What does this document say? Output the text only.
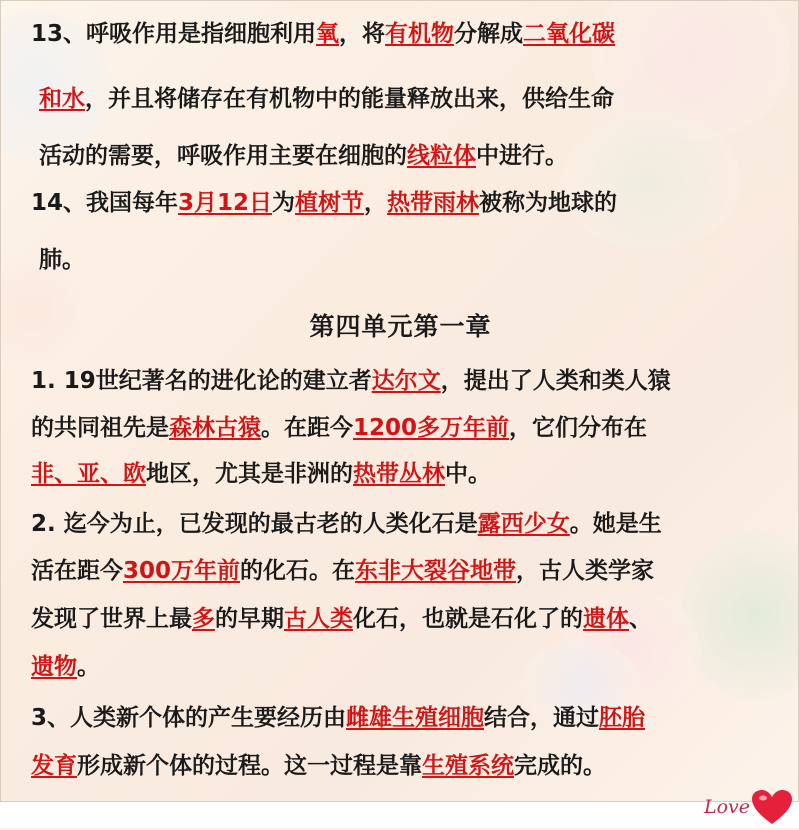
13、呼吸作用是指细胞利用氧，将有机物分解成二氧化碳
和水，并且将储存在有机物中的能量释放出来，供给生命
活动的需要，呼吸作用主要在细胞的线粒体中进行。
14、我国每年3月12日为植树节，热带雨林被称为地球的
肺。
1. 19世纪著名的进化论的建立者达尔文，提出了人类和类人猿
的共同祖先是森林古猿。在距今1200多万年前，它们分布在
非、亚、欧地区，尤其是非洲的热带丛林中。
2. 迄今为止，已发现的最古老的人类化石是露西少女。她是生
活在距今300万年前的化石。在东非大裂谷地带，古人类学家
发现了世界上最多的早期古人类化石，也就是石化了的遗体、
遗物。
3、人类新个体的产生要经历由雌雄生殖细胞结合，通过胚胎
发育形成新个体的过程。这一过程是靠生殖系统完成的。
第四单元第一章
Love
